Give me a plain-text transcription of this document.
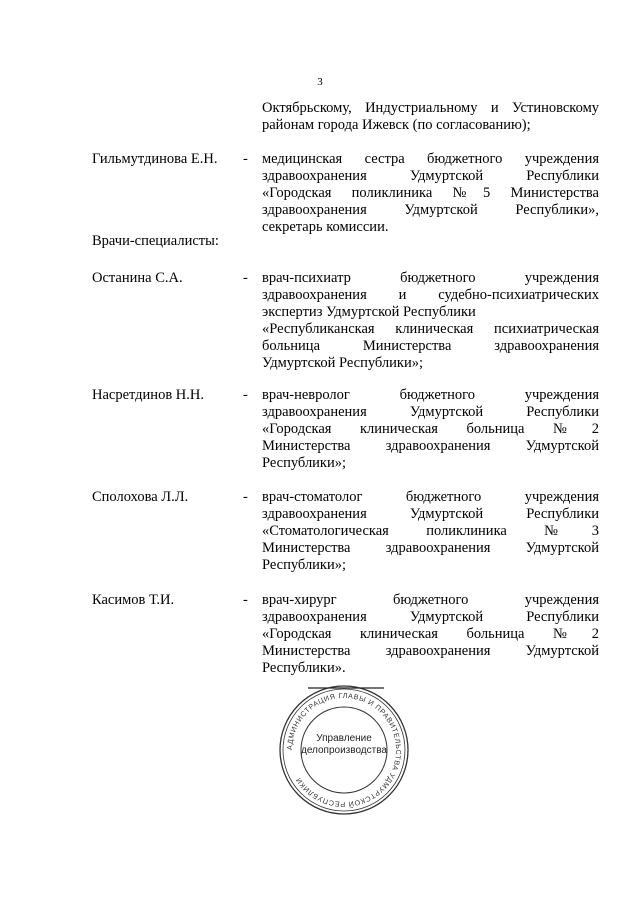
3
Октябрьскому, Индустриальному и Устиновскому районам города Ижевск (по согласованию);
Гильмутдинова Е.Н. - медицинская сестра бюджетного учреждения
здравоохранения Удмуртской Республики
«Городская поликлиника №5 Министерства
здравоохранения Удмуртской Республики»,
секретарь комиссии.
Врачи-специалисты:
Останина С.А.	- врач-психиатр бюджетного учреждения
здравоохранения и судебно-психиатрических
экспертиз Удмуртской Республики
«Республиканская клиническая психиатрическая
больница Министерства здравоохранения
Удмуртской Республики»;
Насретдинов Н.Н.	- врач-невролог бюджетного учреждения
здравоохранения Удмуртской Республики
«Городская клиническая больница №2
Министерства здравоохранения Удмуртской
Республики»;
Сполохова Л.Л.	- врач-стоматолог бюджетного учреждения
здравоохранения Удмуртской Республики
«Стоматологическая поликлиника №3
Министерства здравоохранения Удмуртской
Республики»;
Касимов Т.И.	- врач-хирург бюджетного учреждения
здравоохранения Удмуртской Республики
«Городская клиническая больница №2
Министерства здравоохранения Удмуртской
Республики».
АДМИНИСТРАЦИЯ ГЛАВЫ И ПРАВИТЕЛЬСТВА УДМУРТСКОЙ РЕСПУБЛИКИ
Управление
делопроизводства
